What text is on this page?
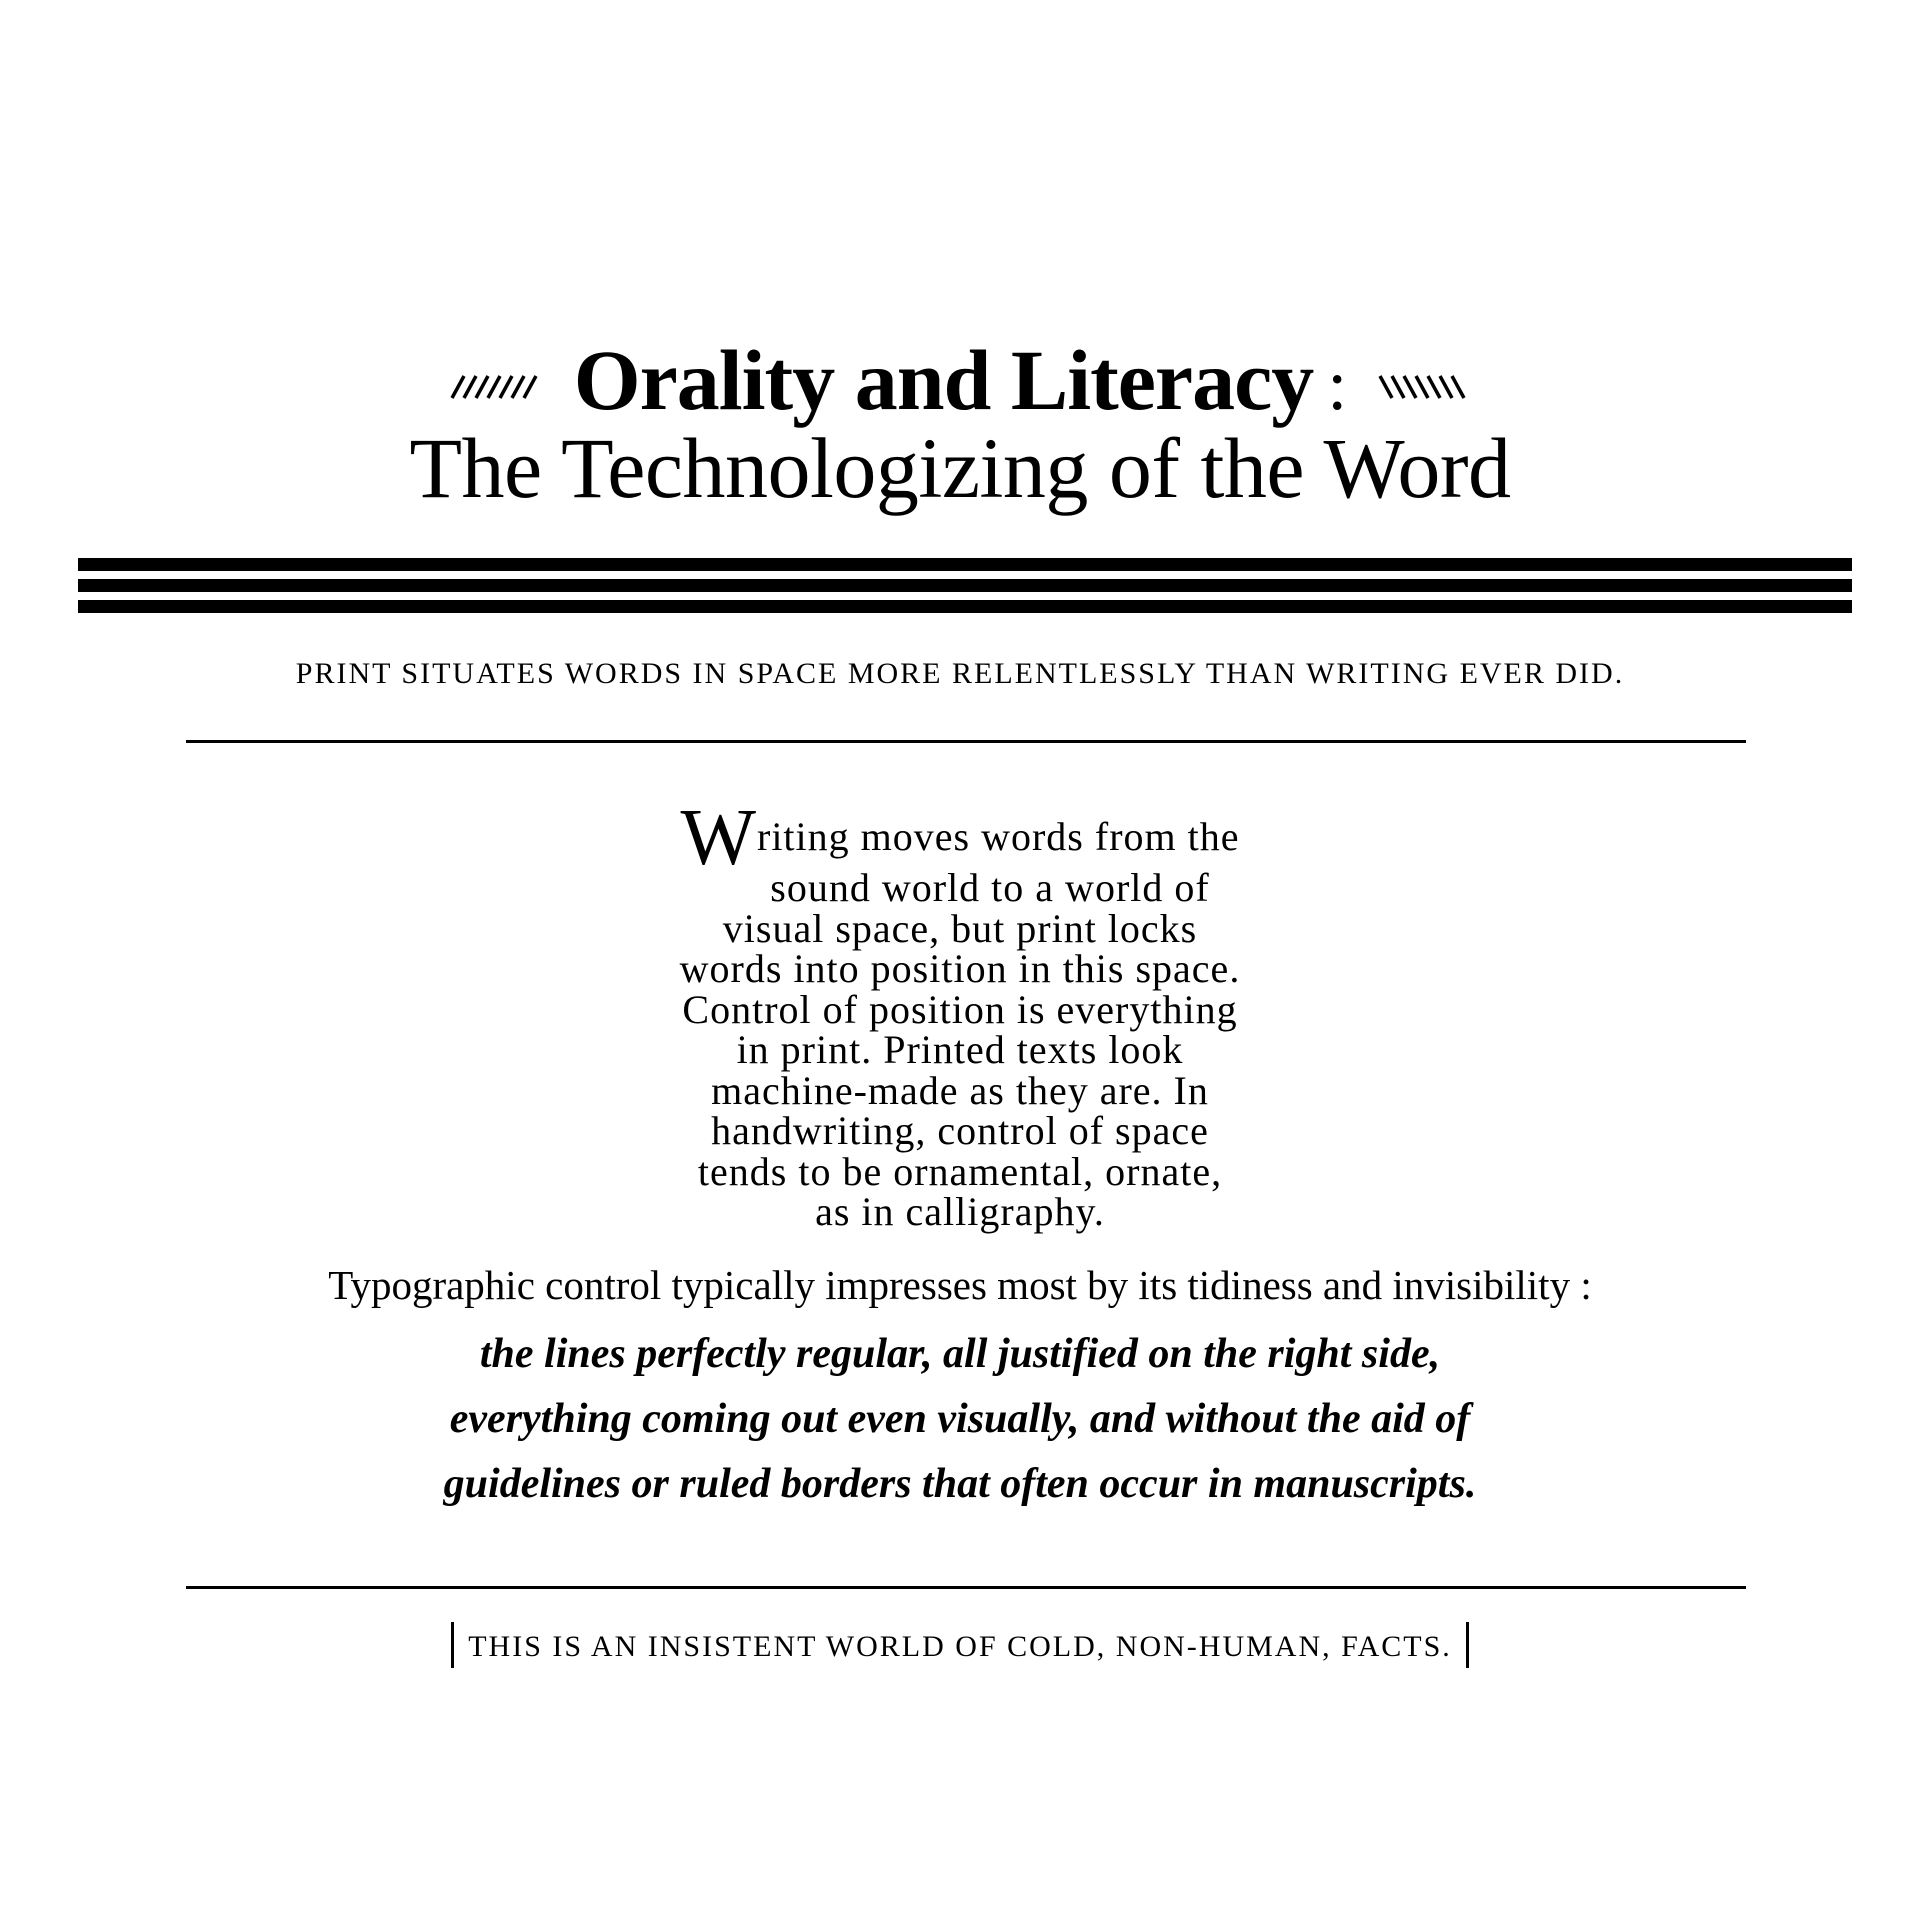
Orality and Literacy :
The Technologizing of the Word
PRINT SITUATES WORDS IN SPACE MORE RELENTLESSLY THAN WRITING EVER DID.
Writing moves words from the
sound world to a world of
visual space, but print locks
words into position in this space.
Control of position is everything
in print. Printed texts look
machine-made as they are. In
handwriting, control of space
tends to be ornamental, ornate,
as in calligraphy.
Typographic control typically impresses most by its tidiness and invisibility :
the lines perfectly regular, all justified on the right side,
everything coming out even visually, and without the aid of
guidelines or ruled borders that often occur in manuscripts.
THIS IS AN INSISTENT WORLD OF COLD, NON-HUMAN, FACTS.
